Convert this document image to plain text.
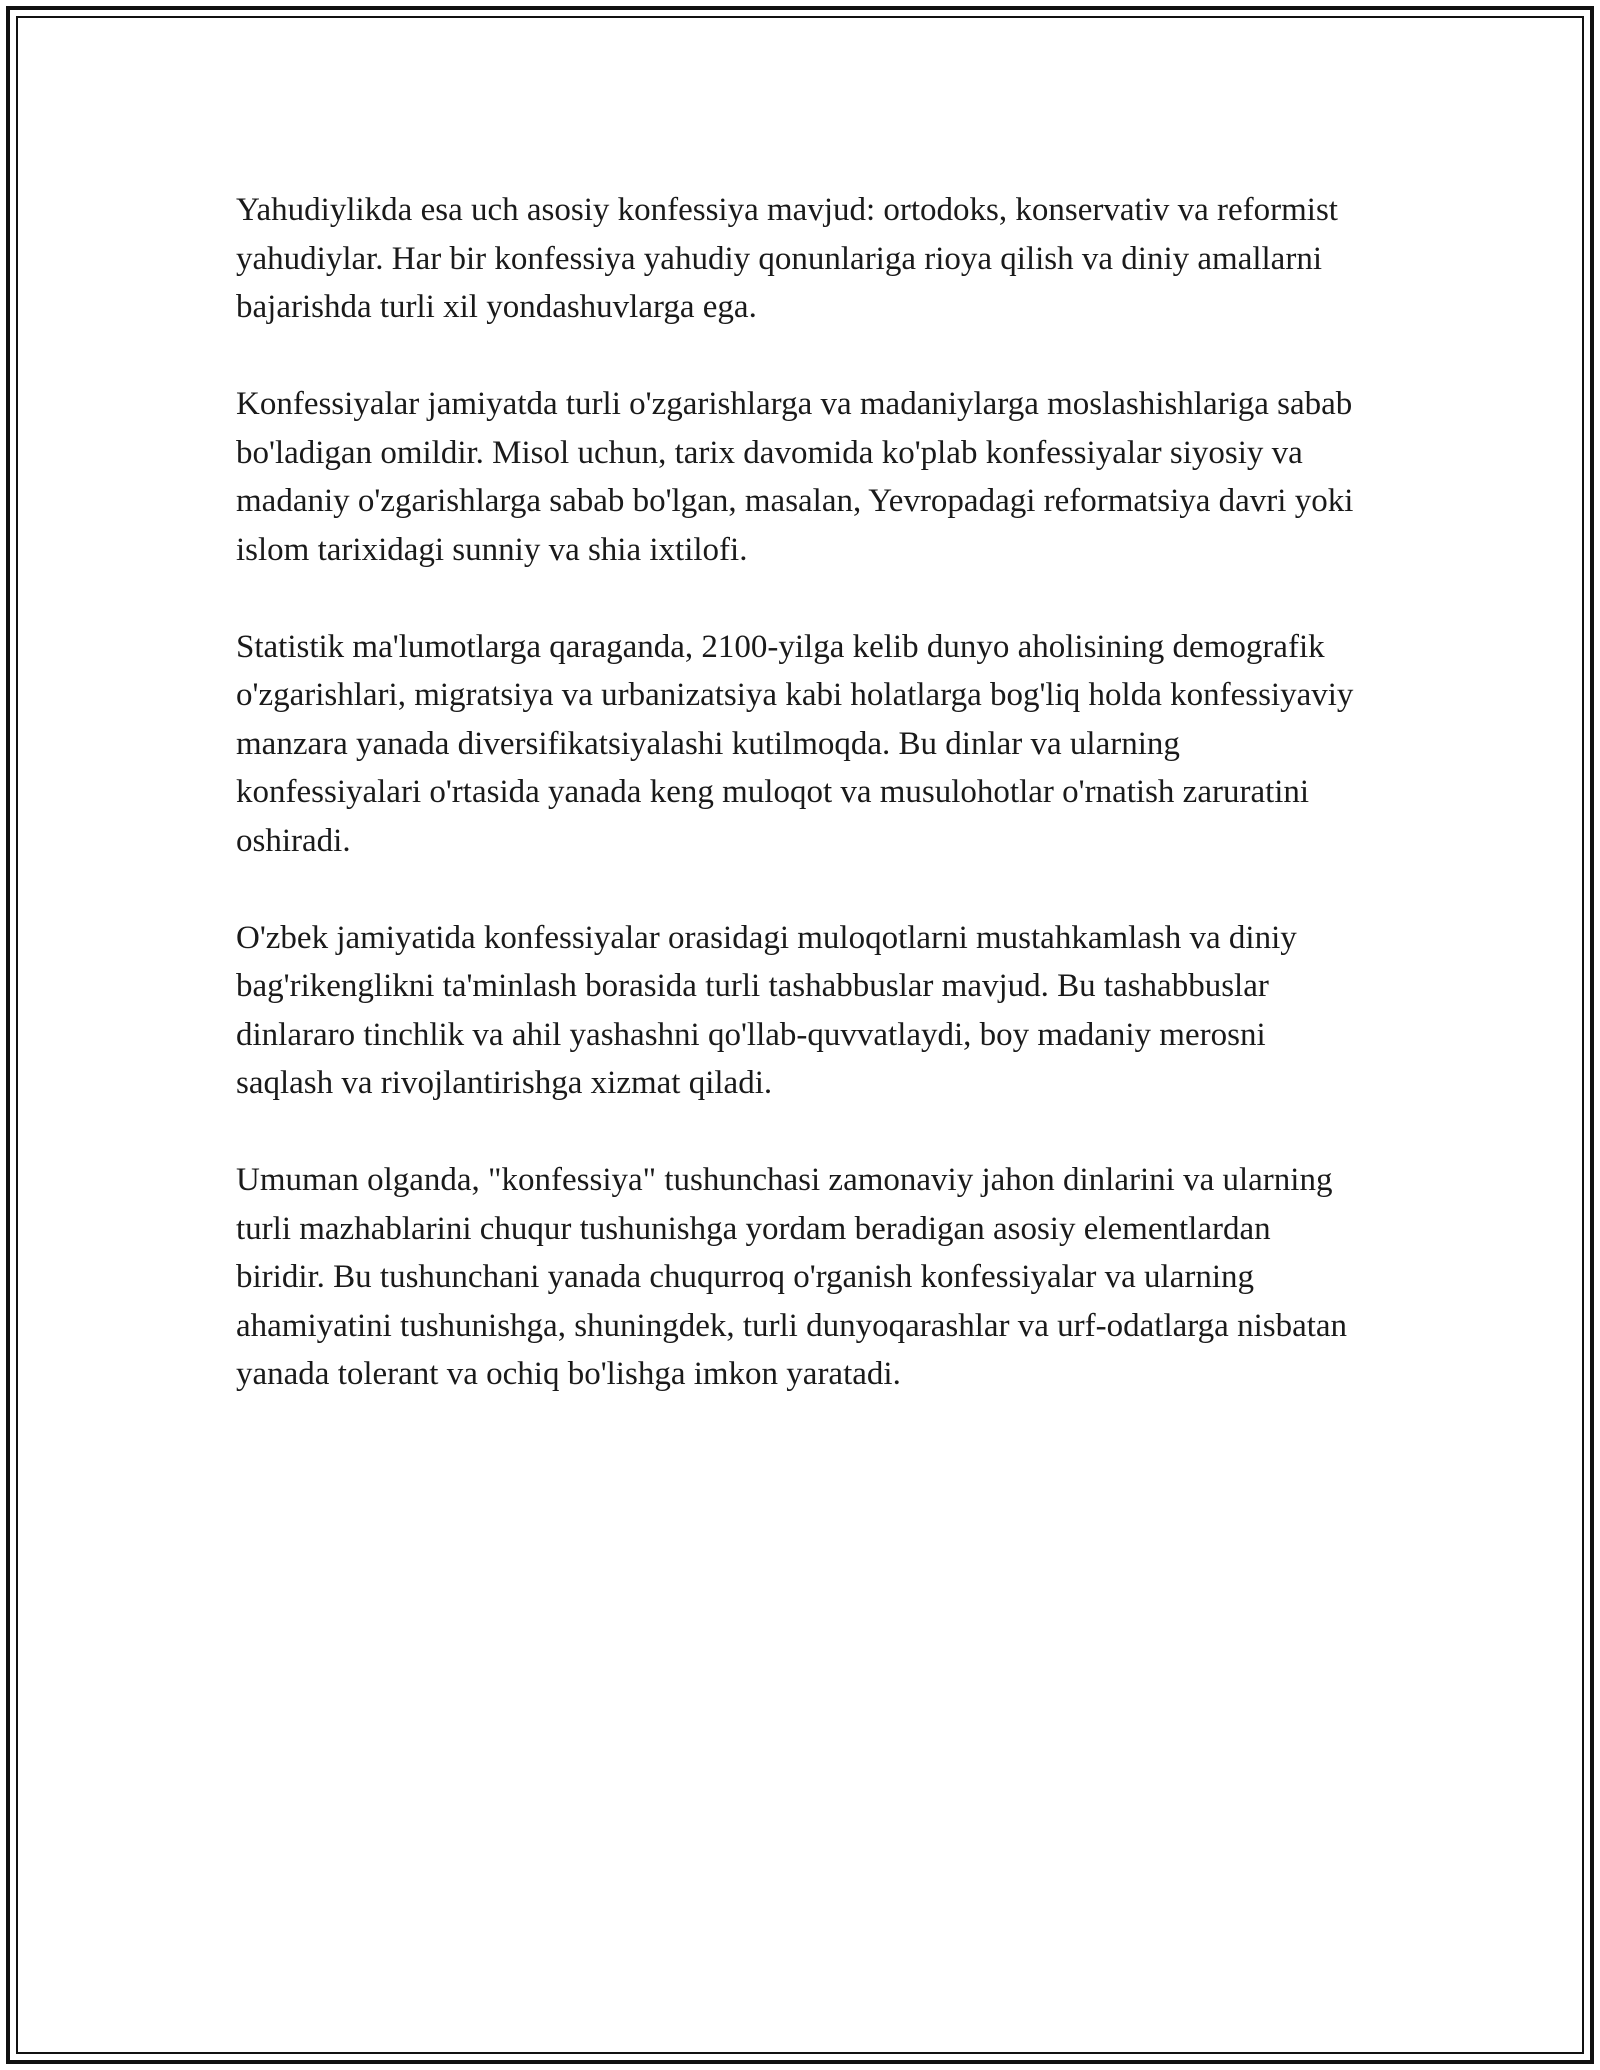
Yahudiylikda esa uch asosiy konfessiya mavjud: ortodoks, konservativ va reformist yahudiylar. Har bir konfessiya yahudiy qonunlariga rioya qilish va diniy amallarni bajarishda turli xil yondashuvlarga ega.

Konfessiyalar jamiyatda turli o'zgarishlarga va madaniylarga moslashishlariga sabab bo'ladigan omildir. Misol uchun, tarix davomida ko'plab konfessiyalar siyosiy va madaniy o'zgarishlarga sabab bo'lgan, masalan, Yevropadagi reformatsiya davri yoki islom tarixidagi sunniy va shia ixtilofi.

Statistik ma'lumotlarga qaraganda, 2100-yilga kelib dunyo aholisining demografik o'zgarishlari, migratsiya va urbanizatsiya kabi holatlarga bog'liq holda konfessiyaviy manzara yanada diversifikatsiyalashi kutilmoqda. Bu dinlar va ularning konfessiyalari o'rtasida yanada keng muloqot va musulohotlar o'rnatish zaruratini oshiradi.

O'zbek jamiyatida konfessiyalar orasidagi muloqotlarni mustahkamlash va diniy bag'rikenglikni ta'minlash borasida turli tashabbuslar mavjud. Bu tashabbuslar dinlararo tinchlik va ahil yashashni qo'llab-quvvatlaydi, boy madaniy merosni saqlash va rivojlantirishga xizmat qiladi.

Umuman olganda, "konfessiya" tushunchasi zamonaviy jahon dinlarini va ularning turli mazhablarini chuqur tushunishga yordam beradigan asosiy elementlardan biridir. Bu tushunchani yanada chuqurroq o'rganish konfessiyalar va ularning ahamiyatini tushunishga, shuningdek, turli dunyoqarashlar va urf-odatlarga nisbatan yanada tolerant va ochiq bo'lishga imkon yaratadi.
